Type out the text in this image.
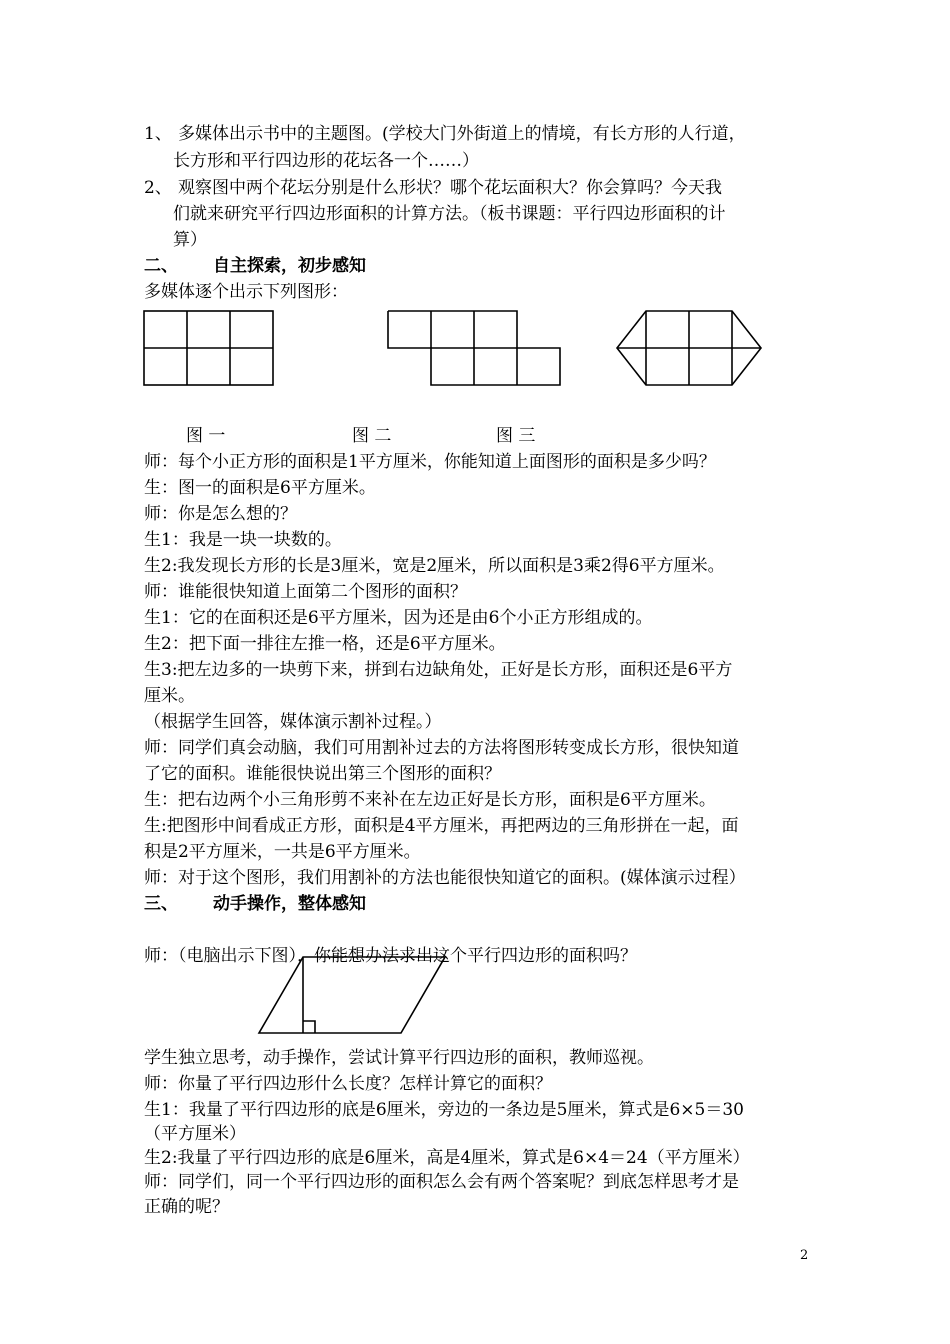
1、 多媒体出示书中的主题图。(学校大门外街道上的情境，有长方形的人行道，
长方形和平行四边形的花坛各一个……）
2、 观察图中两个花坛分别是什么形状？哪个花坛面积大？你会算吗？今天我
们就来研究平行四边形面积的计算方法。（板书课题：平行四边形面积的计
算）
二、 自主探索，初步感知
多媒体逐个出示下列图形：
图 一	图 二	图 三
师：每个小正方形的面积是1平方厘米，你能知道上面图形的面积是多少吗？
生：图一的面积是6平方厘米。
师：你是怎么想的？
生1：我是一块一块数的。
生2:我发现长方形的长是3厘米，宽是2厘米，所以面积是3乘2得6平方厘米。
师：谁能很快知道上面第二个图形的面积？
生1：它的在面积还是6平方厘米，因为还是由6个小正方形组成的。
生2：把下面一排往左推一格，还是6平方厘米。
生3:把左边多的一块剪下来，拼到右边缺角处，正好是长方形，面积还是6平方
厘米。
（根据学生回答，媒体演示割补过程。）
师：同学们真会动脑，我们可用割补过去的方法将图形转变成长方形，很快知道
了它的面积。谁能很快说出第三个图形的面积？
生：把右边两个小三角形剪不来补在左边正好是长方形，面积是6平方厘米。
生:把图形中间看成正方形，面积是4平方厘米，再把两边的三角形拼在一起，面
积是2平方厘米，一共是6平方厘米。
师：对于这个图形，我们用割补的方法也能很快知道它的面积。(媒体演示过程）
三、 动手操作，整体感知
师：（电脑出示下图），你能想办法求出这个平行四边形的面积吗？
学生独立思考，动手操作，尝试计算平行四边形的面积，教师巡视。
师：你量了平行四边形什么长度？怎样计算它的面积？
生1：我量了平行四边形的底是6厘米，旁边的一条边是5厘米，算式是6×5＝30
（平方厘米）
生2:我量了平行四边形的底是6厘米，高是4厘米，算式是6×4＝24（平方厘米）
师：同学们，同一个平行四边形的面积怎么会有两个答案呢？到底怎样思考才是
正确的呢？
2
